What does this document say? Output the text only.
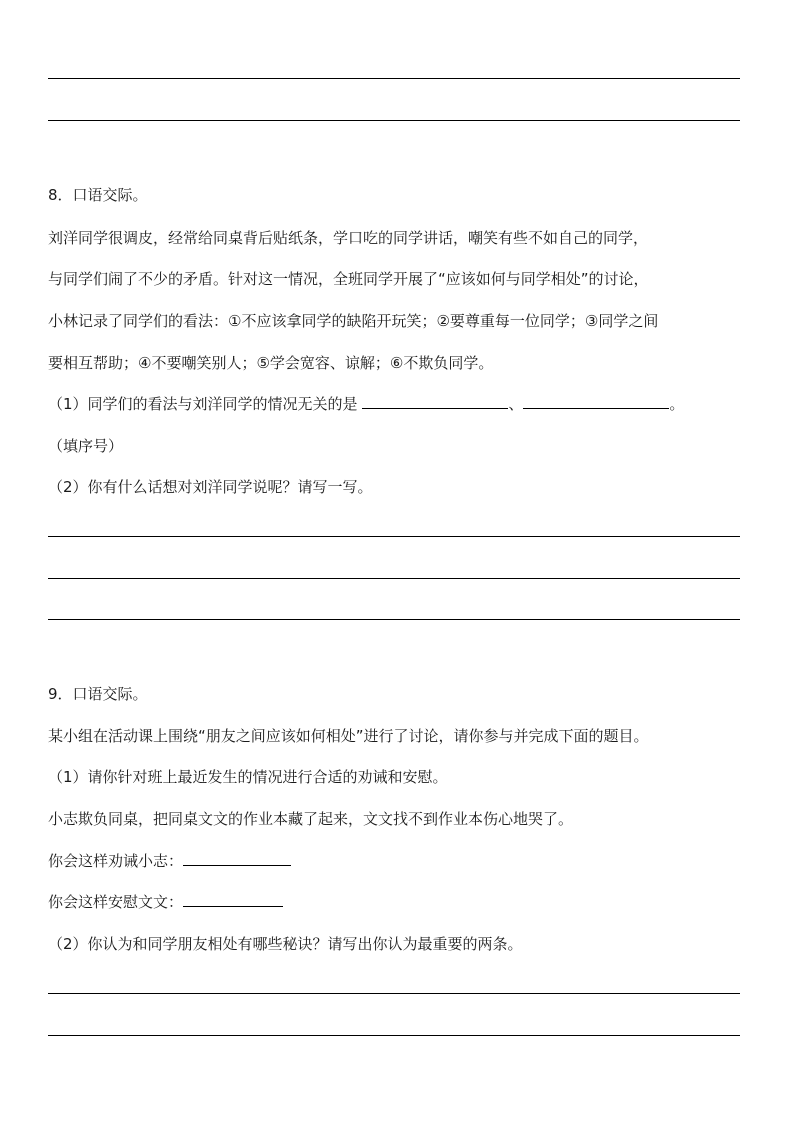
8．口语交际。
刘洋同学很调皮，经常给同桌背后贴纸条，学口吃的同学讲话，嘲笑有些不如自己的同学，
与同学们闹了不少的矛盾。针对这一情况，全班同学开展了“应该如何与同学相处”的讨论，
小林记录了同学们的看法：①不应该拿同学的缺陷开玩笑；②要尊重每一位同学；③同学之间
要相互帮助；④不要嘲笑别人；⑤学会宽容、谅解；⑥不欺负同学。
（1）同学们的看法与刘洋同学的情况无关的是	、	。
（填序号）
（2）你有什么话想对刘洋同学说呢？请写一写。
9．口语交际。
某小组在活动课上围绕“朋友之间应该如何相处”进行了讨论，请你参与并完成下面的题目。
（1）请你针对班上最近发生的情况进行合适的劝诫和安慰。
小志欺负同桌，把同桌文文的作业本藏了起来，文文找不到作业本伤心地哭了。
你会这样劝诫小志：
你会这样安慰文文：
（2）你认为和同学朋友相处有哪些秘诀？请写出你认为最重要的两条。
